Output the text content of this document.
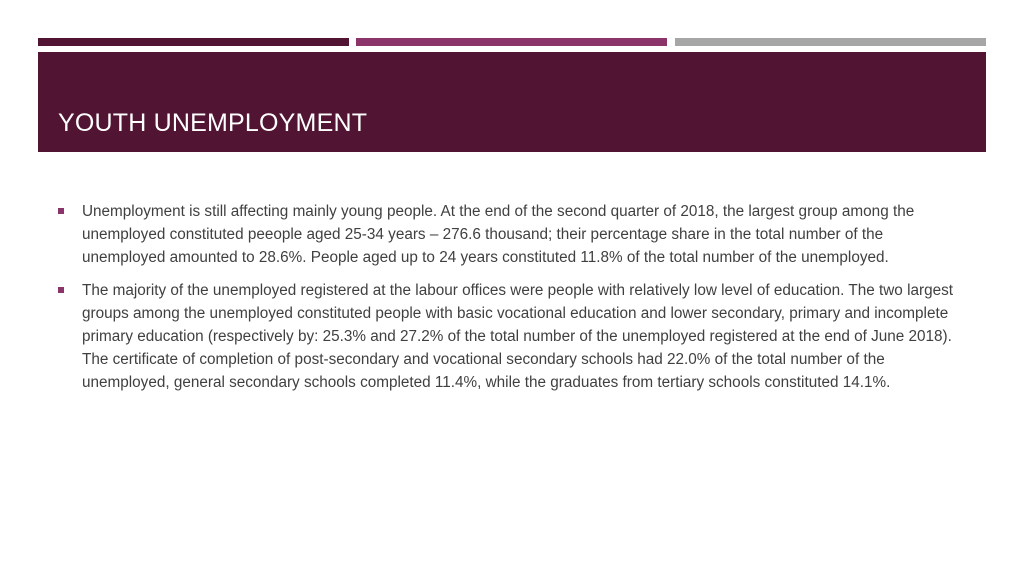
YOUTH UNEMPLOYMENT
Unemployment is still affecting mainly young people. At the end of the second quarter of 2018, the largest group among the unemployed constituted peeople aged 25-34 years – 276.6 thousand; their percentage share in the total number of the unemployed amounted to 28.6%. People aged up to 24 years constituted 11.8% of the total number of the unemployed.
The majority of the unemployed registered at the labour offices were people with relatively low level of education. The two largest groups among the unemployed constituted people with basic vocational education and lower secondary, primary and incomplete primary education (respectively by: 25.3% and 27.2% of the total number of the unemployed registered at the end of June 2018). The certificate of completion of post-secondary and vocational secondary schools had 22.0% of the total number of the unemployed, general secondary schools completed 11.4%, while the graduates from tertiary schools constituted 14.1%.
